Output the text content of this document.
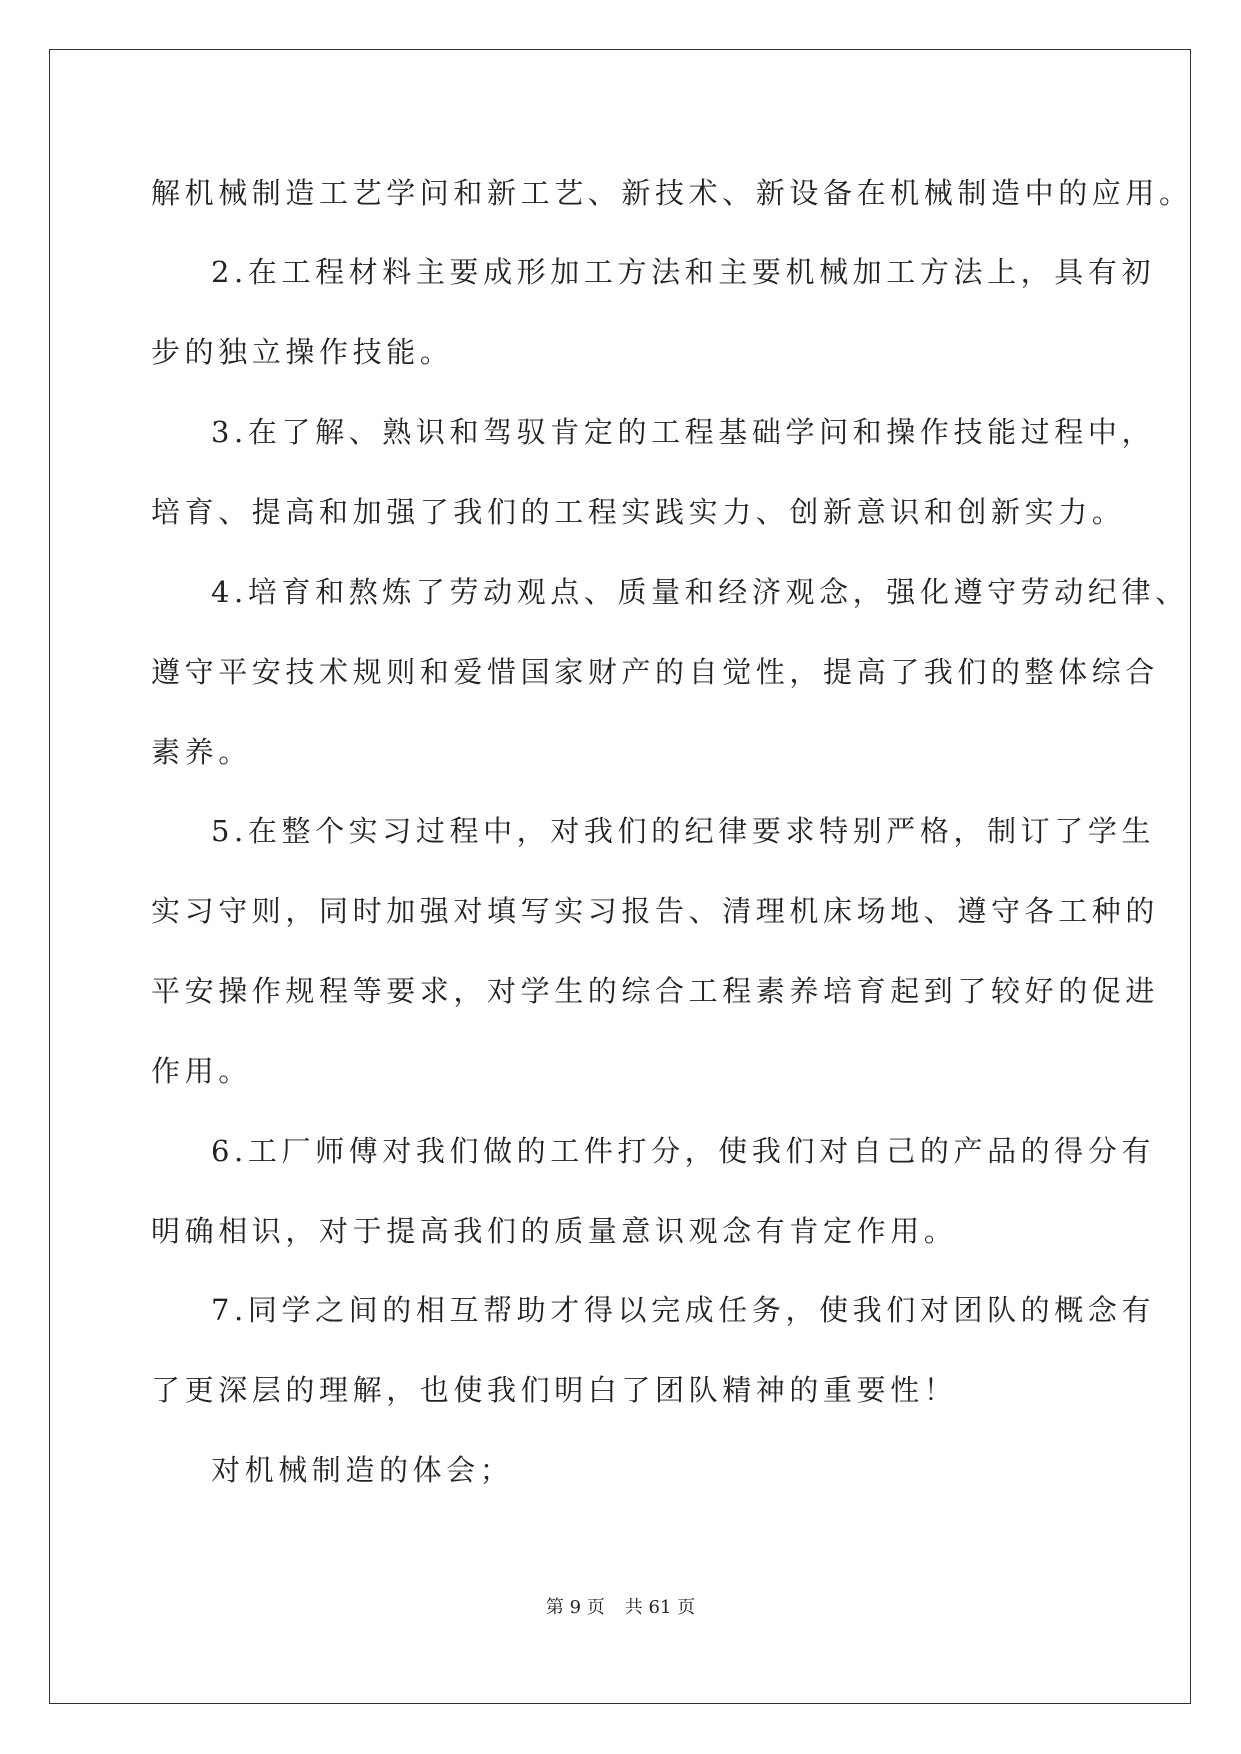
解机械制造工艺学问和新工艺、新技术、新设备在机械制造中的应用。
2.在工程材料主要成形加工方法和主要机械加工方法上，具有初
步的独立操作技能。
3.在了解、熟识和驾驭肯定的工程基础学问和操作技能过程中，
培育、提高和加强了我们的工程实践实力、创新意识和创新实力。
4.培育和熬炼了劳动观点、质量和经济观念，强化遵守劳动纪律、
遵守平安技术规则和爱惜国家财产的自觉性，提高了我们的整体综合
素养。
5.在整个实习过程中，对我们的纪律要求特别严格，制订了学生
实习守则，同时加强对填写实习报告、清理机床场地、遵守各工种的
平安操作规程等要求，对学生的综合工程素养培育起到了较好的促进
作用。
6.工厂师傅对我们做的工件打分，使我们对自己的产品的得分有
明确相识，对于提高我们的质量意识观念有肯定作用。
7.同学之间的相互帮助才得以完成任务，使我们对团队的概念有
了更深层的理解，也使我们明白了团队精神的重要性！
对机械制造的体会；
第 9 页 共 61 页
